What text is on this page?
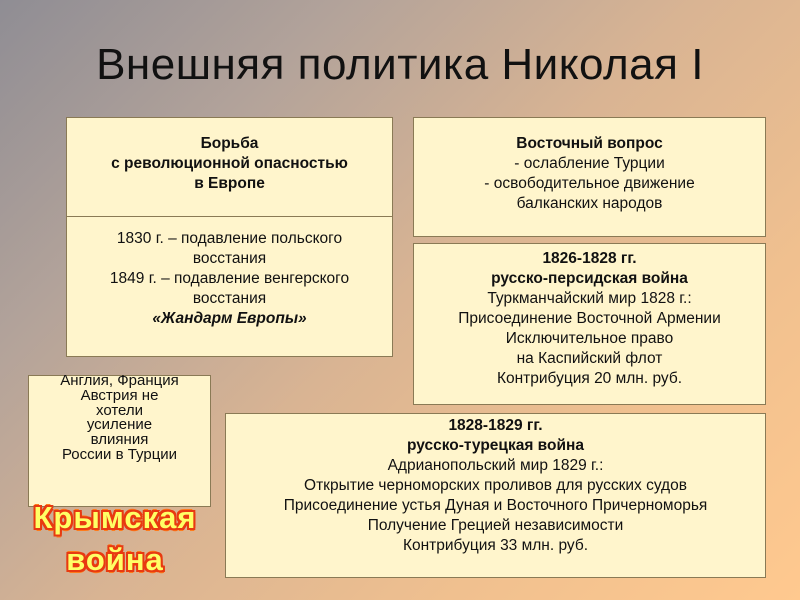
Внешняя политика Николая I
Борьба
с революционной опасностью
в Европе
1830 г. – подавление польского
восстания
1849 г. – подавление венгерского
восстания
«Жандарм Европы»
Восточный вопрос
- ослабление Турции
- освободительное движение
балканских народов
1826-1828 гг.
русско-персидская война
Туркманчайский мир 1828 г.:
Присоединение Восточной Армении
Исключительное право
на Каспийский флот
Контрибуция 20 млн. руб.
1828-1829 гг.
русско-турецкая война
Адрианопольский мир 1829 г.:
Открытие черноморских проливов для русских судов
Присоединение устья Дуная и Восточного Причерноморья
Получение Грецией независимости
Контрибуция 33 млн. руб.
Англия, Франция
Австрия не
хотели
усиление
влияния
России в Турции
Крымская
война
